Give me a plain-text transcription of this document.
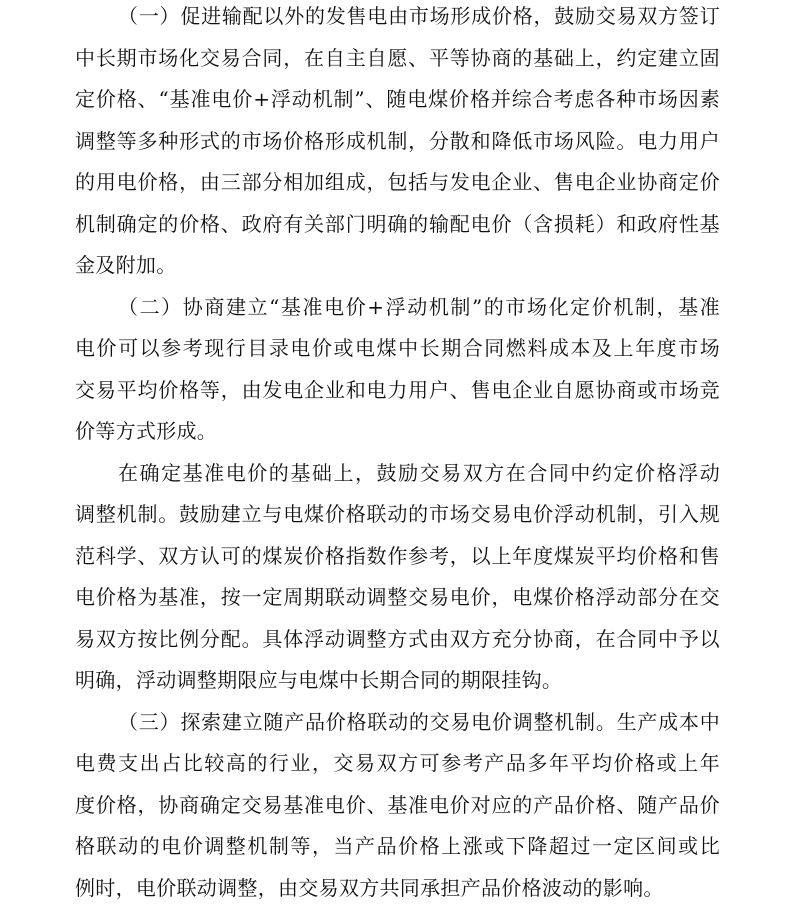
（一）促进输配以外的发售电由市场形成价格，鼓励交易双方签订
中长期市场化交易合同，在自主自愿、平等协商的基础上，约定建立固
定价格、“基准电价+浮动机制”、随电煤价格并综合考虑各种市场因素
调整等多种形式的市场价格形成机制，分散和降低市场风险。电力用户
的用电价格，由三部分相加组成，包括与发电企业、售电企业协商定价
机制确定的价格、政府有关部门明确的输配电价（含损耗）和政府性基
金及附加。
（二）协商建立“基准电价+浮动机制”的市场化定价机制，基准
电价可以参考现行目录电价或电煤中长期合同燃料成本及上年度市场
交易平均价格等，由发电企业和电力用户、售电企业自愿协商或市场竞
价等方式形成。
在确定基准电价的基础上，鼓励交易双方在合同中约定价格浮动
调整机制。鼓励建立与电煤价格联动的市场交易电价浮动机制，引入规
范科学、双方认可的煤炭价格指数作参考，以上年度煤炭平均价格和售
电价格为基准，按一定周期联动调整交易电价，电煤价格浮动部分在交
易双方按比例分配。具体浮动调整方式由双方充分协商，在合同中予以
明确，浮动调整期限应与电煤中长期合同的期限挂钩。
（三）探索建立随产品价格联动的交易电价调整机制。生产成本中
电费支出占比较高的行业，交易双方可参考产品多年平均价格或上年
度价格，协商确定交易基准电价、基准电价对应的产品价格、随产品价
格联动的电价调整机制等，当产品价格上涨或下降超过一定区间或比
例时，电价联动调整，由交易双方共同承担产品价格波动的影响。
